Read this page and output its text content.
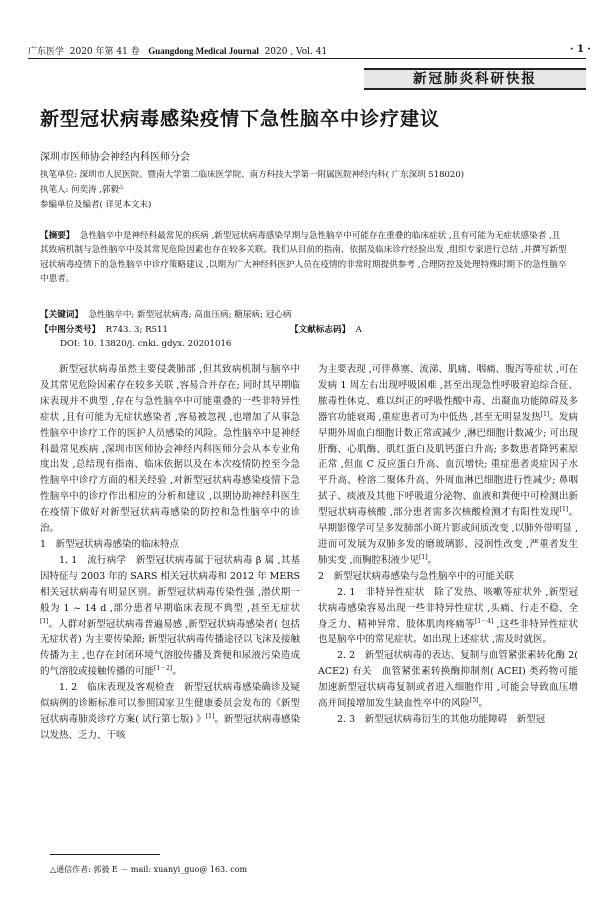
广东医学 2020 年第 41 卷 Guangdong Medical Journal 2020 , Vol. 41	· 1 ·
新冠肺炎科研快报
新型冠状病毒感染疫情下急性脑卒中诊疗建议
深圳市医师协会神经内科医师分会
执笔单位: 深圳市人民医院、暨南大学第二临床医学院、南方科技大学第一附属医院神经内科( 广东深圳 518020)
执笔人: 何奕涛 ,郭毅△
参编单位及编者( 详见本文末)
【摘要】 急性脑卒中是神经科最常见的疾病 ,新型冠状病毒感染早期与急性脑卒中可能存在重叠的临床症状 ,且有可能为无症状感染者 ,且其致病机制与急性脑卒中及其常见危险因素也存在较多关联。我们从目前的指南、依据及临床诊疗经验出发 ,组织专家进行总结 ,并撰写新型冠状病毒疫情下的急性脑卒中诊疗策略建议 ,以期为广大神经科医护人员在疫情的非常时期提供参考 ,合理防控及处理特殊时期下的急性脑卒中患者。
【关键词】 急性脑卒中; 新型冠状病毒; 高血压病; 糖尿病; 冠心病
【中图分类号】 R743. 3; R511	【文献标志码】 A
DOI: 10. 13820/j. cnki. gdyx. 20201016

新型冠状病毒虽然主要侵袭肺部 ,但其致病机制与脑卒中及其常见危险因素存在较多关联 ,容易合并存在; 同时其早期临床表现并不典型 ,存在与急性脑卒中可能重叠的一些非特异性症状 ,且有可能为无症状感染者 ,容易被忽视 ,也增加了从事急性脑卒中诊疗工作的医护人员感染的风险。急性脑卒中是神经科最常见疾病 ,深圳市医师协会神经内科医师分会从本专业角度出发 ,总结现有指南、临床依据以及在本次疫情防控至今急性脑卒中诊疗方面的相关经验 ,对新型冠状病毒感染疫情下急性脑卒中的诊疗作出相应的分析和建议 ,以期协助神经科医生在疫情下做好对新型冠状病毒感染的防控和急性脑卒中的诊治。

1　新型冠状病毒感染的临床特点

1. 1　流行病学　新型冠状病毒属于冠状病毒 β 属 ,其基因特征与 2003 年的 SARS 相关冠状病毒和 2012 年 MERS 相关冠状病毒有明显区别。新型冠状病毒传染性强 ,潜伏期一般为 1 ~ 14 d ,部分患者早期临床表现不典型 ,甚至无症状[1]。人群对新型冠状病毒普遍易感 ,新型冠状病毒感染者( 包括无症状者) 为主要传染源; 新型冠状病毒传播途径以飞沫及接触传播为主 ,也存在封闭环境气溶胶传播及粪便和尿液污染造成的气溶胶或接触传播的可能[1－2]。

1. 2　临床表现及客观检查　新型冠状病毒感染确诊及疑似病例的诊断标准可以参照国家卫生健康委员会发布的《新型冠状病毒肺炎诊疗方案( 试行第七版) 》[1]。新型冠状病毒感染以发热、乏力、干咳

为主要表现 ,可伴鼻塞、流涕、肌痛、咽痛、腹泻等症状 ,可在发病 1 周左右出现呼吸困难 ,甚至出现急性呼吸窘迫综合征、脓毒性休克、难以纠正的呼吸性酸中毒、出凝血功能障碍及多器官功能衰竭 ,重症患者可为中低热 ,甚至无明显发热[1]。发病早期外周血白细胞计数正常或减少 ,淋巴细胞计数减少; 可出现肝酶、心肌酶、肌红蛋白及肌钙蛋白升高; 多数患者降钙素原正常 ,但血 C 反应蛋白升高、血沉增快; 重症患者炎症因子水平升高、栓溶二聚体升高、外周血淋巴细胞进行性减少; 鼻咽拭子、痰液及其他下呼吸道分泌物、血液和粪便中可检测出新型冠状病毒核酸 ,部分患者需多次核酸检测才有阳性发现[1]。早期影像学可呈多发肺部小斑片影或间质改变 ,以肺外带明显 ,进而可发展为双肺多发的磨玻璃影、浸润性改变 ,严重者发生肺实变 ,而胸腔积液少见[1]。

2　新型冠状病毒感染与急性脑卒中的可能关联

2. 1　非特异性症状　除了发热、咳嗽等症状外 ,新型冠状病毒感染容易出现一些非特异性症状 ,头痛、行走不稳、全身乏力、精神异常、肢体肌肉疼痛等[1－4] ,这些非特异性症状也是脑卒中的常见症状。如出现上述症状 ,需及时就医。

2. 2　新型冠状病毒的表达、复制与血管紧张素转化酶 2( ACE2) 有关　血管紧张素转换酶抑制剂( ACEI) 类药物可能加速新型冠状病毒复制或者进入细胞作用 ,可能会导致血压增高并间接增加发生缺血性卒中的风险[5]。

2. 3　新型冠状病毒衍生的其他功能障碍　新型冠

△通信作者: 郭毅 E － mail: xuanyi_guo@ 163. com
